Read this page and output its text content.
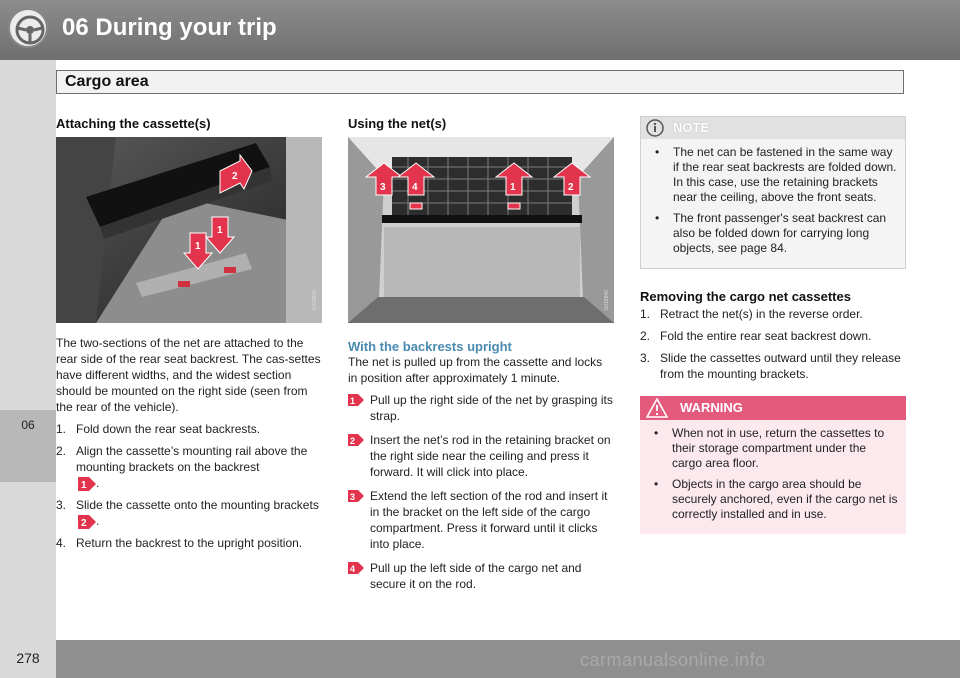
06
06 During your trip
Cargo area
Attaching the cassette(s)
1
1
2
G020609

The two-sections of the net are attached to the rear side of the rear seat backrest. The cas-settes have different widths, and the widest section should be mounted on the right side (seen from the rear of the vehicle).

1. Fold down the rear seat backrests.
2. Align the cassette’s mounting rail above the mounting brackets on the backrest

1 .
3. Slide the cassette onto the mounting brackets
2 .
4. Return the backrest to the upright position.
Using the net(s)
3	4	1	2
G018546
With the backrests upright

The net is pulled up from the cassette and locks in position after approximately 1 minute.

1 Pull up the right side of the net by grasping its strap.
2 Insert the net’s rod in the retaining bracket on the right side near the ceiling and press it forward. It will click into place.
3 Extend the left section of the rod and insert it in the bracket on the left side of the cargo compartment. Press it forward until it clicks into place.
4 Pull up the left side of the cargo net and secure it on the rod.
NOTE
• The net can be fastened in the same way if the rear seat backrests are folded down. In this case, use the retaining brackets near the ceiling, above the front seats.
• The front passenger's seat backrest can also be folded down for carrying long objects, see page 84.
Removing the cargo net cassettes
1. Retract the net(s) in the reverse order.
2. Fold the entire rear seat backrest down.
3. Slide the cassettes outward until they release from the mounting brackets.
WARNING
• When not in use, return the cassettes to their storage compartment under the cargo area floor.
• Objects in the cargo area should be securely anchored, even if the cargo net is correctly installed and in use.
278	carmanualsonline.info
